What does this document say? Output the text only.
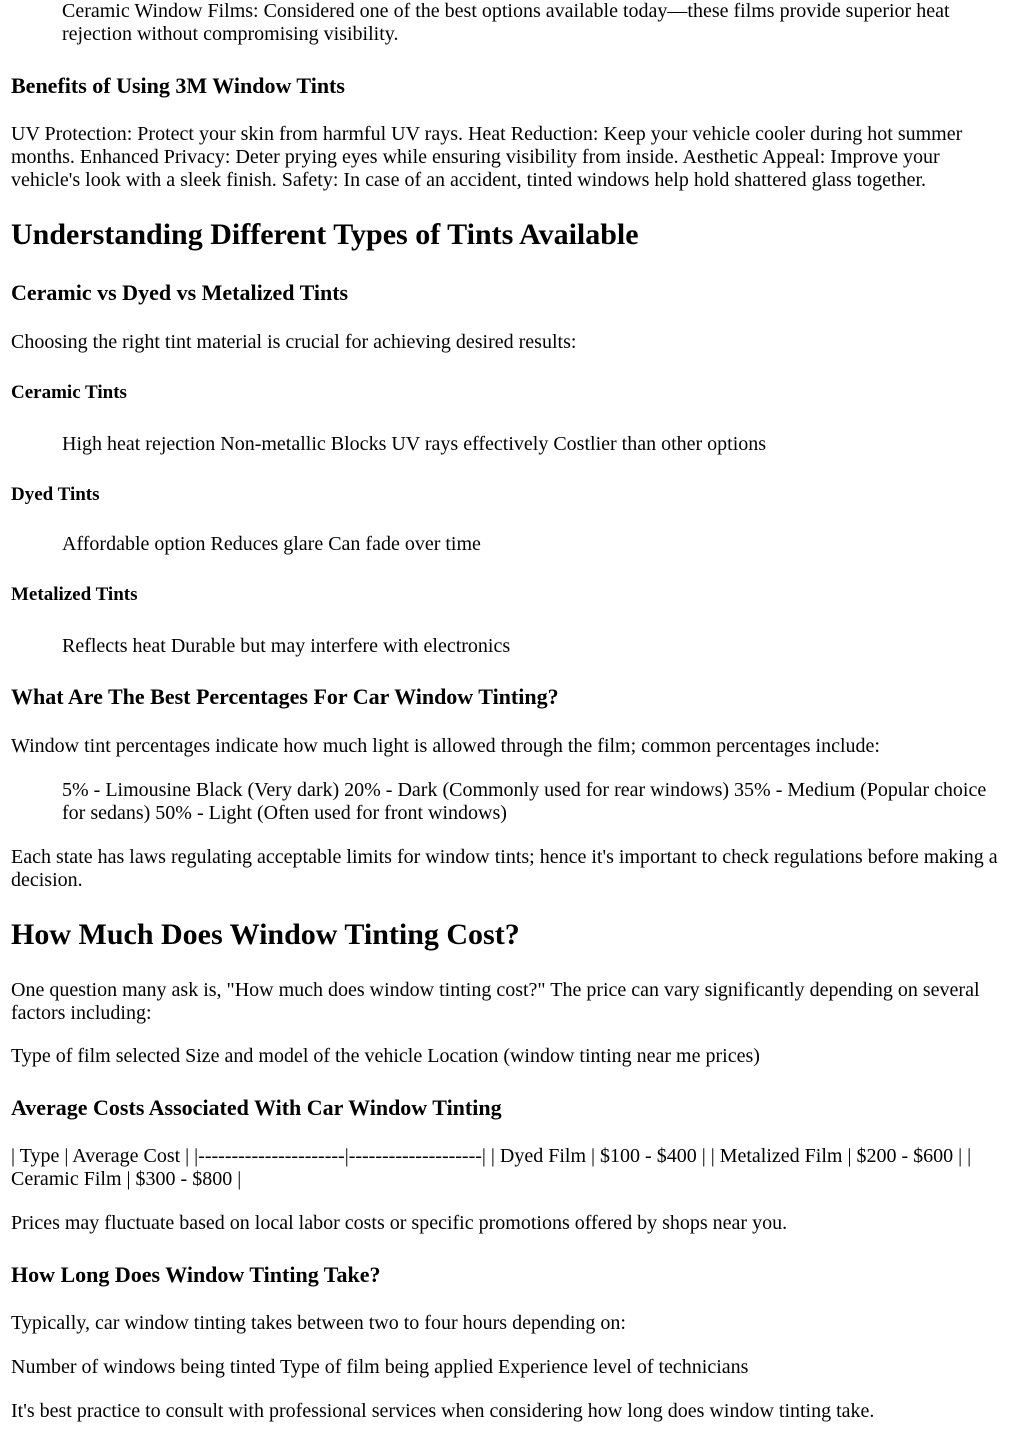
Ceramic Window Films: Considered one of the best options available today—these films provide superior heat rejection without compromising visibility.

Benefits of Using 3M Window Tints

UV Protection: Protect your skin from harmful UV rays. Heat Reduction: Keep your vehicle cooler during hot summer months. Enhanced Privacy: Deter prying eyes while ensuring visibility from inside. Aesthetic Appeal: Improve your vehicle's look with a sleek finish. Safety: In case of an accident, tinted windows help hold shattered glass together.

Understanding Different Types of Tints Available
Ceramic vs Dyed vs Metalized Tints

Choosing the right tint material is crucial for achieving desired results:

Ceramic Tints

High heat rejection Non-metallic Blocks UV rays effectively Costlier than other options

Dyed Tints

Affordable option Reduces glare Can fade over time

Metalized Tints

Reflects heat Durable but may interfere with electronics

What Are The Best Percentages For Car Window Tinting?

Window tint percentages indicate how much light is allowed through the film; common percentages include:

5% - Limousine Black (Very dark) 20% - Dark (Commonly used for rear windows) 35% - Medium (Popular choice for sedans) 50% - Light (Often used for front windows)

Each state has laws regulating acceptable limits for window tints; hence it's important to check regulations before making a decision.

How Much Does Window Tinting Cost?

One question many ask is, "How much does window tinting cost?" The price can vary significantly depending on several factors including:

Type of film selected Size and model of the vehicle Location (window tinting near me prices)

Average Costs Associated With Car Window Tinting

| Type | Average Cost | |----------------------|--------------------| | Dyed Film | $100 - $400 | | Metalized Film | $200 - $600 | | Ceramic Film | $300 - $800 |

Prices may fluctuate based on local labor costs or specific promotions offered by shops near you.

How Long Does Window Tinting Take?

Typically, car window tinting takes between two to four hours depending on:

Number of windows being tinted Type of film being applied Experience level of technicians

It's best practice to consult with professional services when considering how long does window tinting take.
